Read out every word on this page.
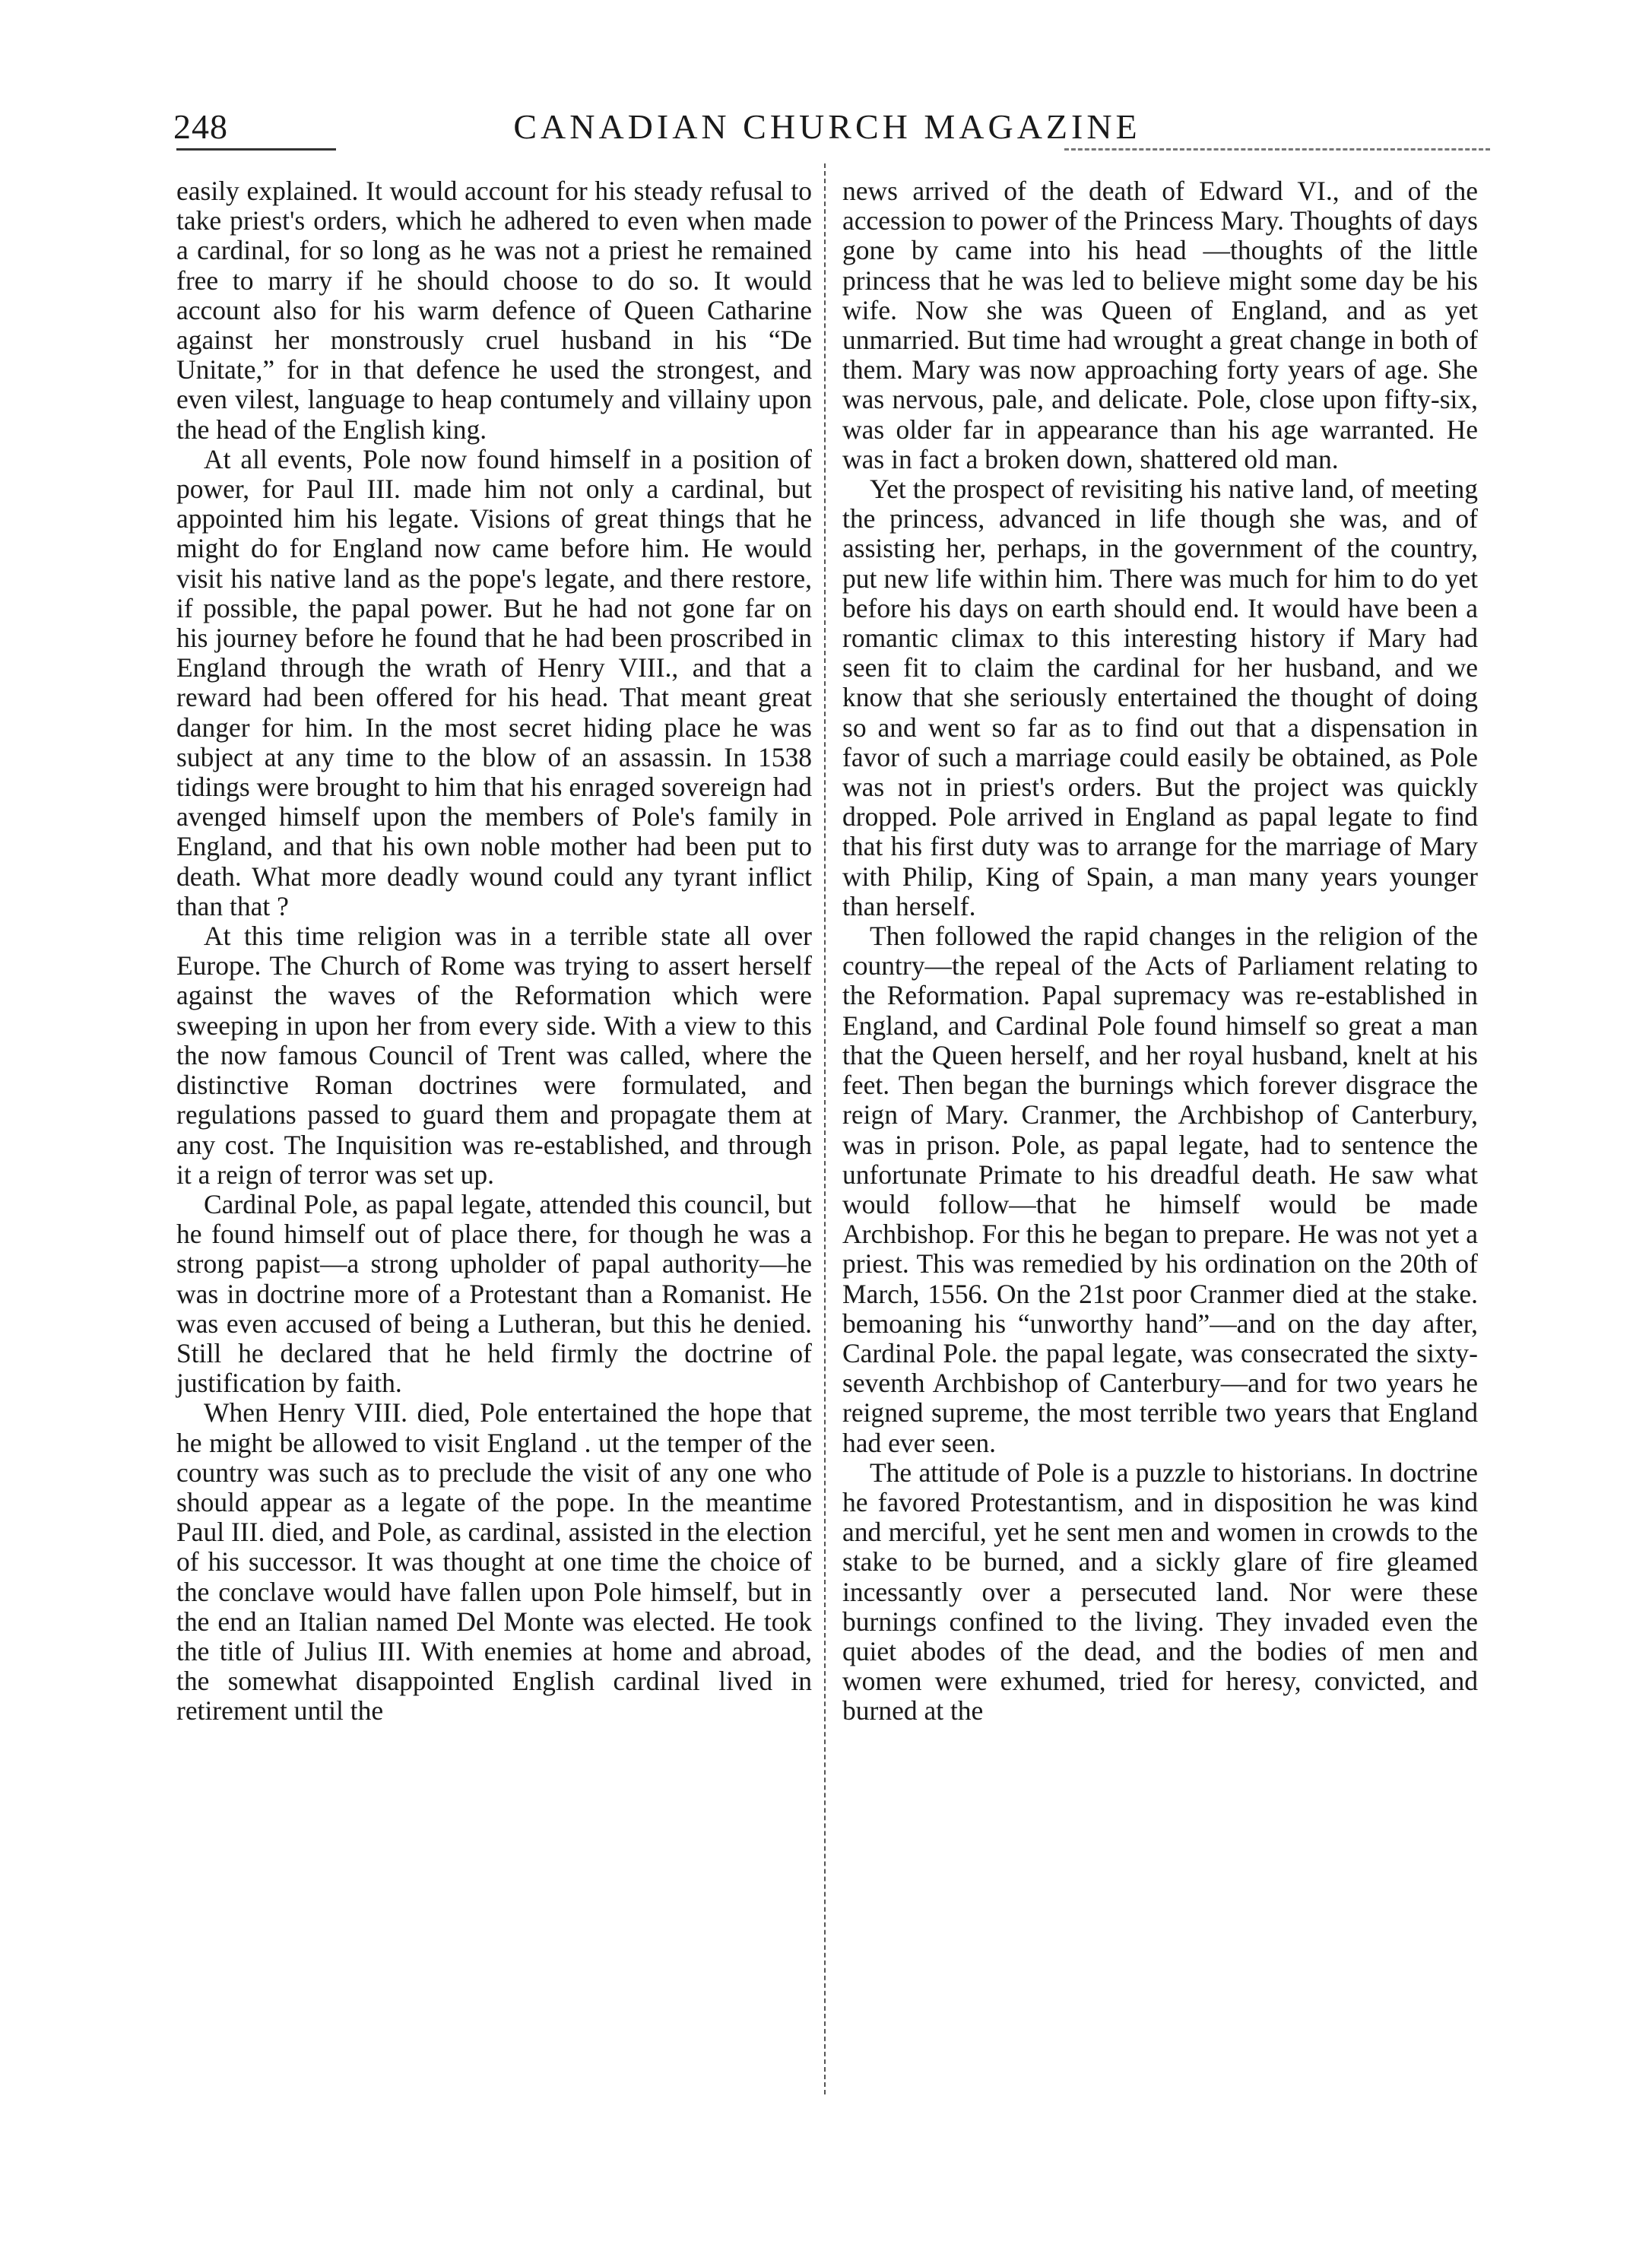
248	CANADIAN CHURCH MAGAZINE

easily explained. It would account for his steady refusal to take priest's orders, which he adhered to even when made a cardinal, for so long as he was not a priest he remained free to marry if he should choose to do so. It would account also for his warm defence of Queen Catharine against her monstrously cruel husband in his “De Unitate,” for in that defence he used the strongest, and even vilest, language to heap contumely and villainy upon the head of the English king.

At all events, Pole now found himself in a position of power, for Paul III. made him not only a cardinal, but appointed him his legate. Visions of great things that he might do for England now came before him. He would visit his native land as the pope's legate, and there restore, if possible, the papal power. But he had not gone far on his journey before he found that he had been proscribed in England through the wrath of Henry VIII., and that a reward had been offered for his head. That meant great danger for him. In the most secret hiding place he was subject at any time to the blow of an assassin. In 1538 tidings were brought to him that his enraged sovereign had avenged himself upon the members of Pole's family in England, and that his own noble mother had been put to death. What more deadly wound could any tyrant inflict than that ?

At this time religion was in a terrible state all over Europe. The Church of Rome was trying to assert herself against the waves of the Reformation which were sweeping in upon her from every side. With a view to this the now famous Council of Trent was called, where the distinctive Roman doctrines were formulated, and regulations passed to guard them and propagate them at any cost. The Inquisition was re-established, and through it a reign of terror was set up.

Cardinal Pole, as papal legate, attended this council, but he found himself out of place there, for though he was a strong papist—a strong upholder of papal authority—he was in doctrine more of a Protestant than a Romanist. He was even accused of being a Lutheran, but this he denied. Still he declared that he held firmly the doctrine of justification by faith.

When Henry VIII. died, Pole entertained the hope that he might be allowed to visit England . ut the temper of the country was such as to preclude the visit of any one who should appear as a legate of the pope. In the meantime Paul III. died, and Pole, as cardinal, assisted in the election of his successor. It was thought at one time the choice of the conclave would have fallen upon Pole himself, but in the end an Italian named Del Monte was elected. He took the title of Julius III. With enemies at home and abroad, the somewhat disappointed English cardinal lived in retirement until the

news arrived of the death of Edward VI., and of the accession to power of the Princess Mary. Thoughts of days gone by came into his head —thoughts of the little princess that he was led to believe might some day be his wife. Now she was Queen of England, and as yet unmarried. But time had wrought a great change in both of them. Mary was now approaching forty years of age. She was nervous, pale, and delicate. Pole, close upon fifty-six, was older far in appearance than his age warranted. He was in fact a broken down, shattered old man.

Yet the prospect of revisiting his native land, of meeting the princess, advanced in life though she was, and of assisting her, perhaps, in the government of the country, put new life within him. There was much for him to do yet before his days on earth should end. It would have been a romantic climax to this interesting history if Mary had seen fit to claim the cardinal for her husband, and we know that she seriously entertained the thought of doing so and went so far as to find out that a dispensation in favor of such a marriage could easily be obtained, as Pole was not in priest's orders. But the project was quickly dropped. Pole arrived in England as papal legate to find that his first duty was to arrange for the marriage of Mary with Philip, King of Spain, a man many years younger than herself.

Then followed the rapid changes in the religion of the country—the repeal of the Acts of Parliament relating to the Reformation. Papal supremacy was re-established in England, and Cardinal Pole found himself so great a man that the Queen herself, and her royal husband, knelt at his feet. Then began the burnings which forever disgrace the reign of Mary. Cranmer, the Archbishop of Canterbury, was in prison. Pole, as papal legate, had to sentence the unfortunate Primate to his dreadful death. He saw what would follow—that he himself would be made Archbishop. For this he began to prepare. He was not yet a priest. This was remedied by his ordination on the 20th of March, 1556. On the 21st poor Cranmer died at the stake. bemoaning his “unworthy hand”—and on the day after, Cardinal Pole. the papal legate, was consecrated the sixty-seventh Archbishop of Canterbury—and for two years he reigned supreme, the most terrible two years that England had ever seen.

The attitude of Pole is a puzzle to historians. In doctrine he favored Protestantism, and in disposition he was kind and merciful, yet he sent men and women in crowds to the stake to be burned, and a sickly glare of fire gleamed incessantly over a persecuted land. Nor were these burnings confined to the living. They invaded even the quiet abodes of the dead, and the bodies of men and women were exhumed, tried for heresy, convicted, and burned at the
